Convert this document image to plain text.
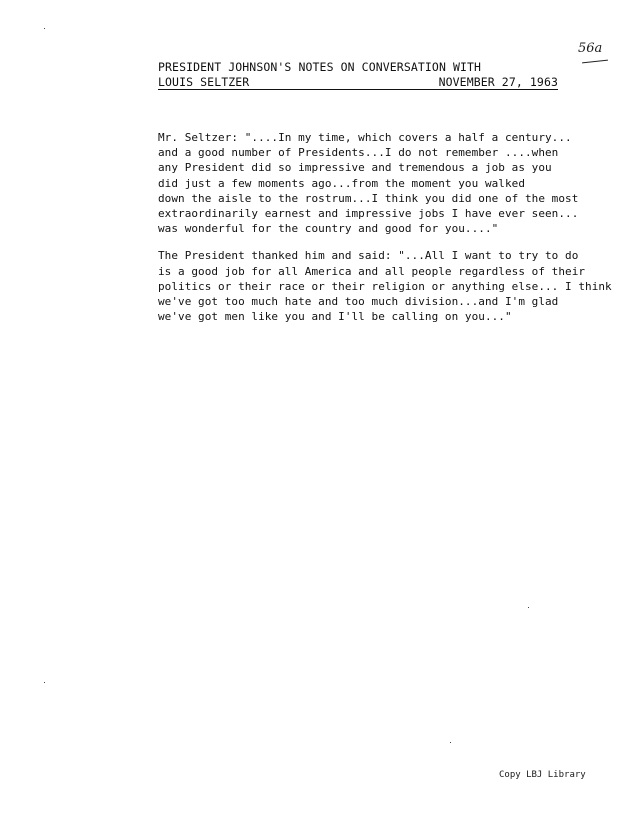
56a
PRESIDENT JOHNSON'S NOTES ON CONVERSATION WITH
LOUIS SELTZER	NOVEMBER 27, 1963
Mr. Seltzer: "....In my time, which covers a half a century...
and a good number of Presidents...I do not remember ....when
any President did so impressive and tremendous a job as you
did just a few moments ago...from the moment you walked
down the aisle to the rostrum...I think you did one of the most
extraordinarily earnest and impressive jobs I have ever seen...
was wonderful for the country and good for you...."
The President thanked him and said: "...All I want to try to do
is a good job for all America and all people regardless of their
politics or their race or their religion or anything else... I think
we've got too much hate and too much division...and I'm glad
we've got men like you and I'll be calling on you..."
Copy LBJ Library
